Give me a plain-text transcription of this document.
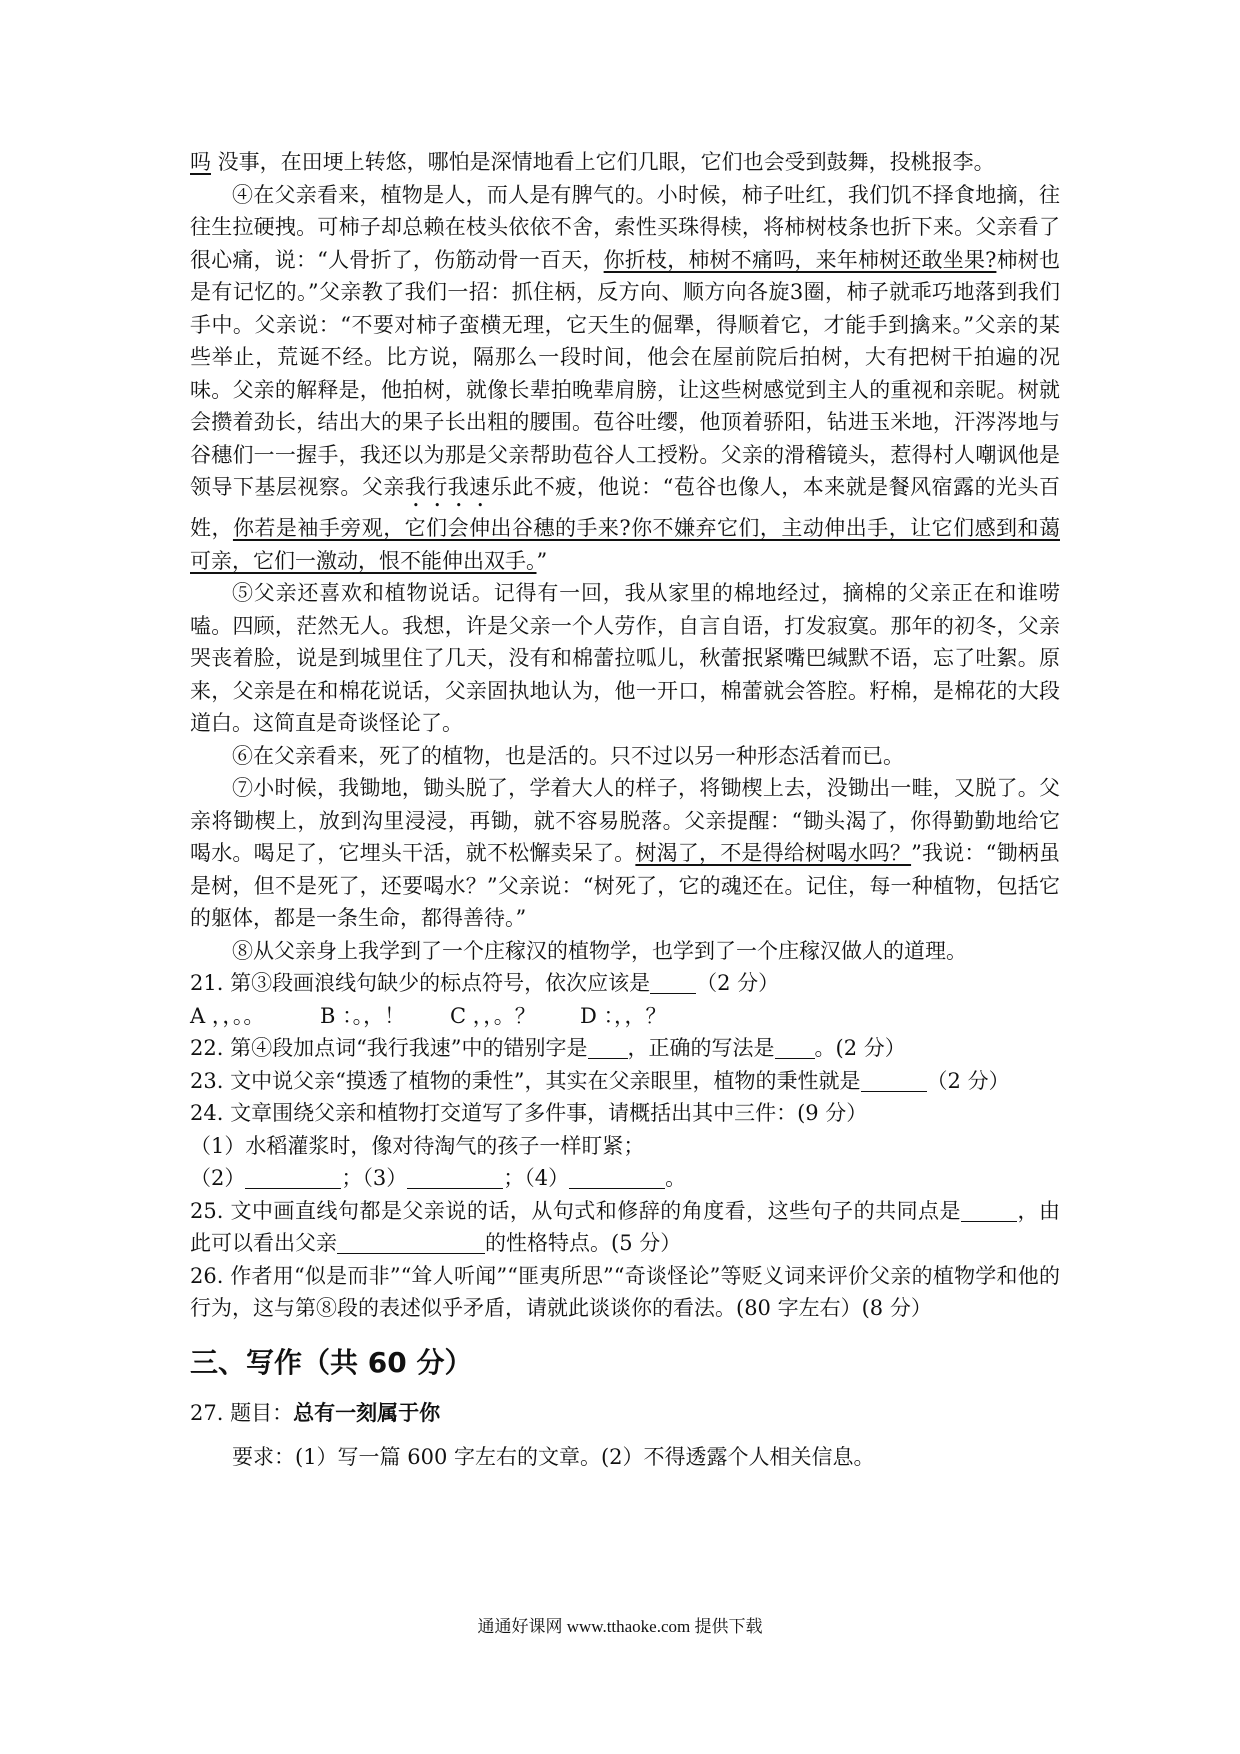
吗 没事，在田埂上转悠，哪怕是深情地看上它们几眼，它们也会受到鼓舞，投桃报李。

④在父亲看来，植物是人，而人是有脾气的。小时候，柿子吐红，我们饥不择食地摘，往往生拉硬拽。可柿子却总赖在枝头依依不舍，索性买珠得椟，将柿树枝条也折下来。父亲看了很心痛，说：“人骨折了，伤筋动骨一百天，你折枝，柿树不痛吗，来年柿树还敢坐果?柿树也是有记忆的。”父亲教了我们一招：抓住柄，反方向、顺方向各旋3圈，柿子就乖巧地落到我们手中。父亲说：“不要对柿子蛮横无理，它天生的倔犟，得顺着它，才能手到擒来。”父亲的某些举止，荒诞不经。比方说，隔那么一段时间，他会在屋前院后拍树，大有把树干拍遍的况味。父亲的解释是，他拍树，就像长辈拍晚辈肩膀，让这些树感觉到主人的重视和亲昵。树就会攒着劲长，结出大的果子长出粗的腰围。苞谷吐缨，他顶着骄阳，钻进玉米地，汗涔涔地与谷穗们一一握手，我还以为那是父亲帮助苞谷人工授粉。父亲的滑稽镜头，惹得村人嘲讽他是领导下基层视察。父亲我行我速乐此不疲，他说：“苞谷也像人，本来就是餐风宿露的光头百姓，你若是袖手旁观，它们会伸出谷穗的手来?你不嫌弃它们，主动伸出手，让它们感到和蔼可亲，它们一激动，恨不能伸出双手。”

⑤父亲还喜欢和植物说话。记得有一回，我从家里的棉地经过，摘棉的父亲正在和谁唠嗑。四顾，茫然无人。我想，许是父亲一个人劳作，自言自语，打发寂寞。那年的初冬，父亲哭丧着脸，说是到城里住了几天，没有和棉蕾拉呱儿，秋蕾抿紧嘴巴缄默不语，忘了吐絮。原来，父亲是在和棉花说话，父亲固执地认为，他一开口，棉蕾就会答腔。籽棉，是棉花的大段道白。这简直是奇谈怪论了。

⑥在父亲看来，死了的植物，也是活的。只不过以另一种形态活着而已。

⑦小时候，我锄地，锄头脱了，学着大人的样子，将锄楔上去，没锄出一畦，又脱了。父亲将锄楔上，放到沟里浸浸，再锄，就不容易脱落。父亲提醒：“锄头渴了，你得勤勤地给它喝水。喝足了，它埋头干活，就不松懈卖呆了。树渴了，不是得给树喝水吗？”我说：“锄柄虽是树，但不是死了，还要喝水？”父亲说：“树死了，它的魂还在。记住，每一种植物，包括它的躯体，都是一条生命，都得善待。”

⑧从父亲身上我学到了一个庄稼汉的植物学，也学到了一个庄稼汉做人的道理。

21. 第③段画浪线句缺少的标点符号，依次应该是 （2 分）

A ，，。。	B ：。，！	C ，，。？	D ：，，？

22. 第④段加点词“我行我速”中的错别字是 ，正确的写法是 。(2 分）

23. 文中说父亲“摸透了植物的秉性”，其实在父亲眼里，植物的秉性就是	（2 分）

24. 文章围绕父亲和植物打交道写了多件事，请概括出其中三件：(9 分）

（1）水稻灌浆时，像对待淘气的孩子一样盯紧；

（2）	；（3）	；（4）	。

25. 文中画直线句都是父亲说的话，从句式和修辞的角度看，这些句子的共同点是	，由此可以看出父亲	的性格特点。(5 分）

26. 作者用“似是而非”“耸人听闻”“匪夷所思”“奇谈怪论”等贬义词来评价父亲的植物学和他的行为，这与第⑧段的表述似乎矛盾，请就此谈谈你的看法。(80 字左右）(8 分）

三、写作（共 60 分）

27. 题目：总有一刻属于你

要求：(1）写一篇 600 字左右的文章。(2）不得透露个人相关信息。

通通好课网 www.tthaoke.com 提供下载
